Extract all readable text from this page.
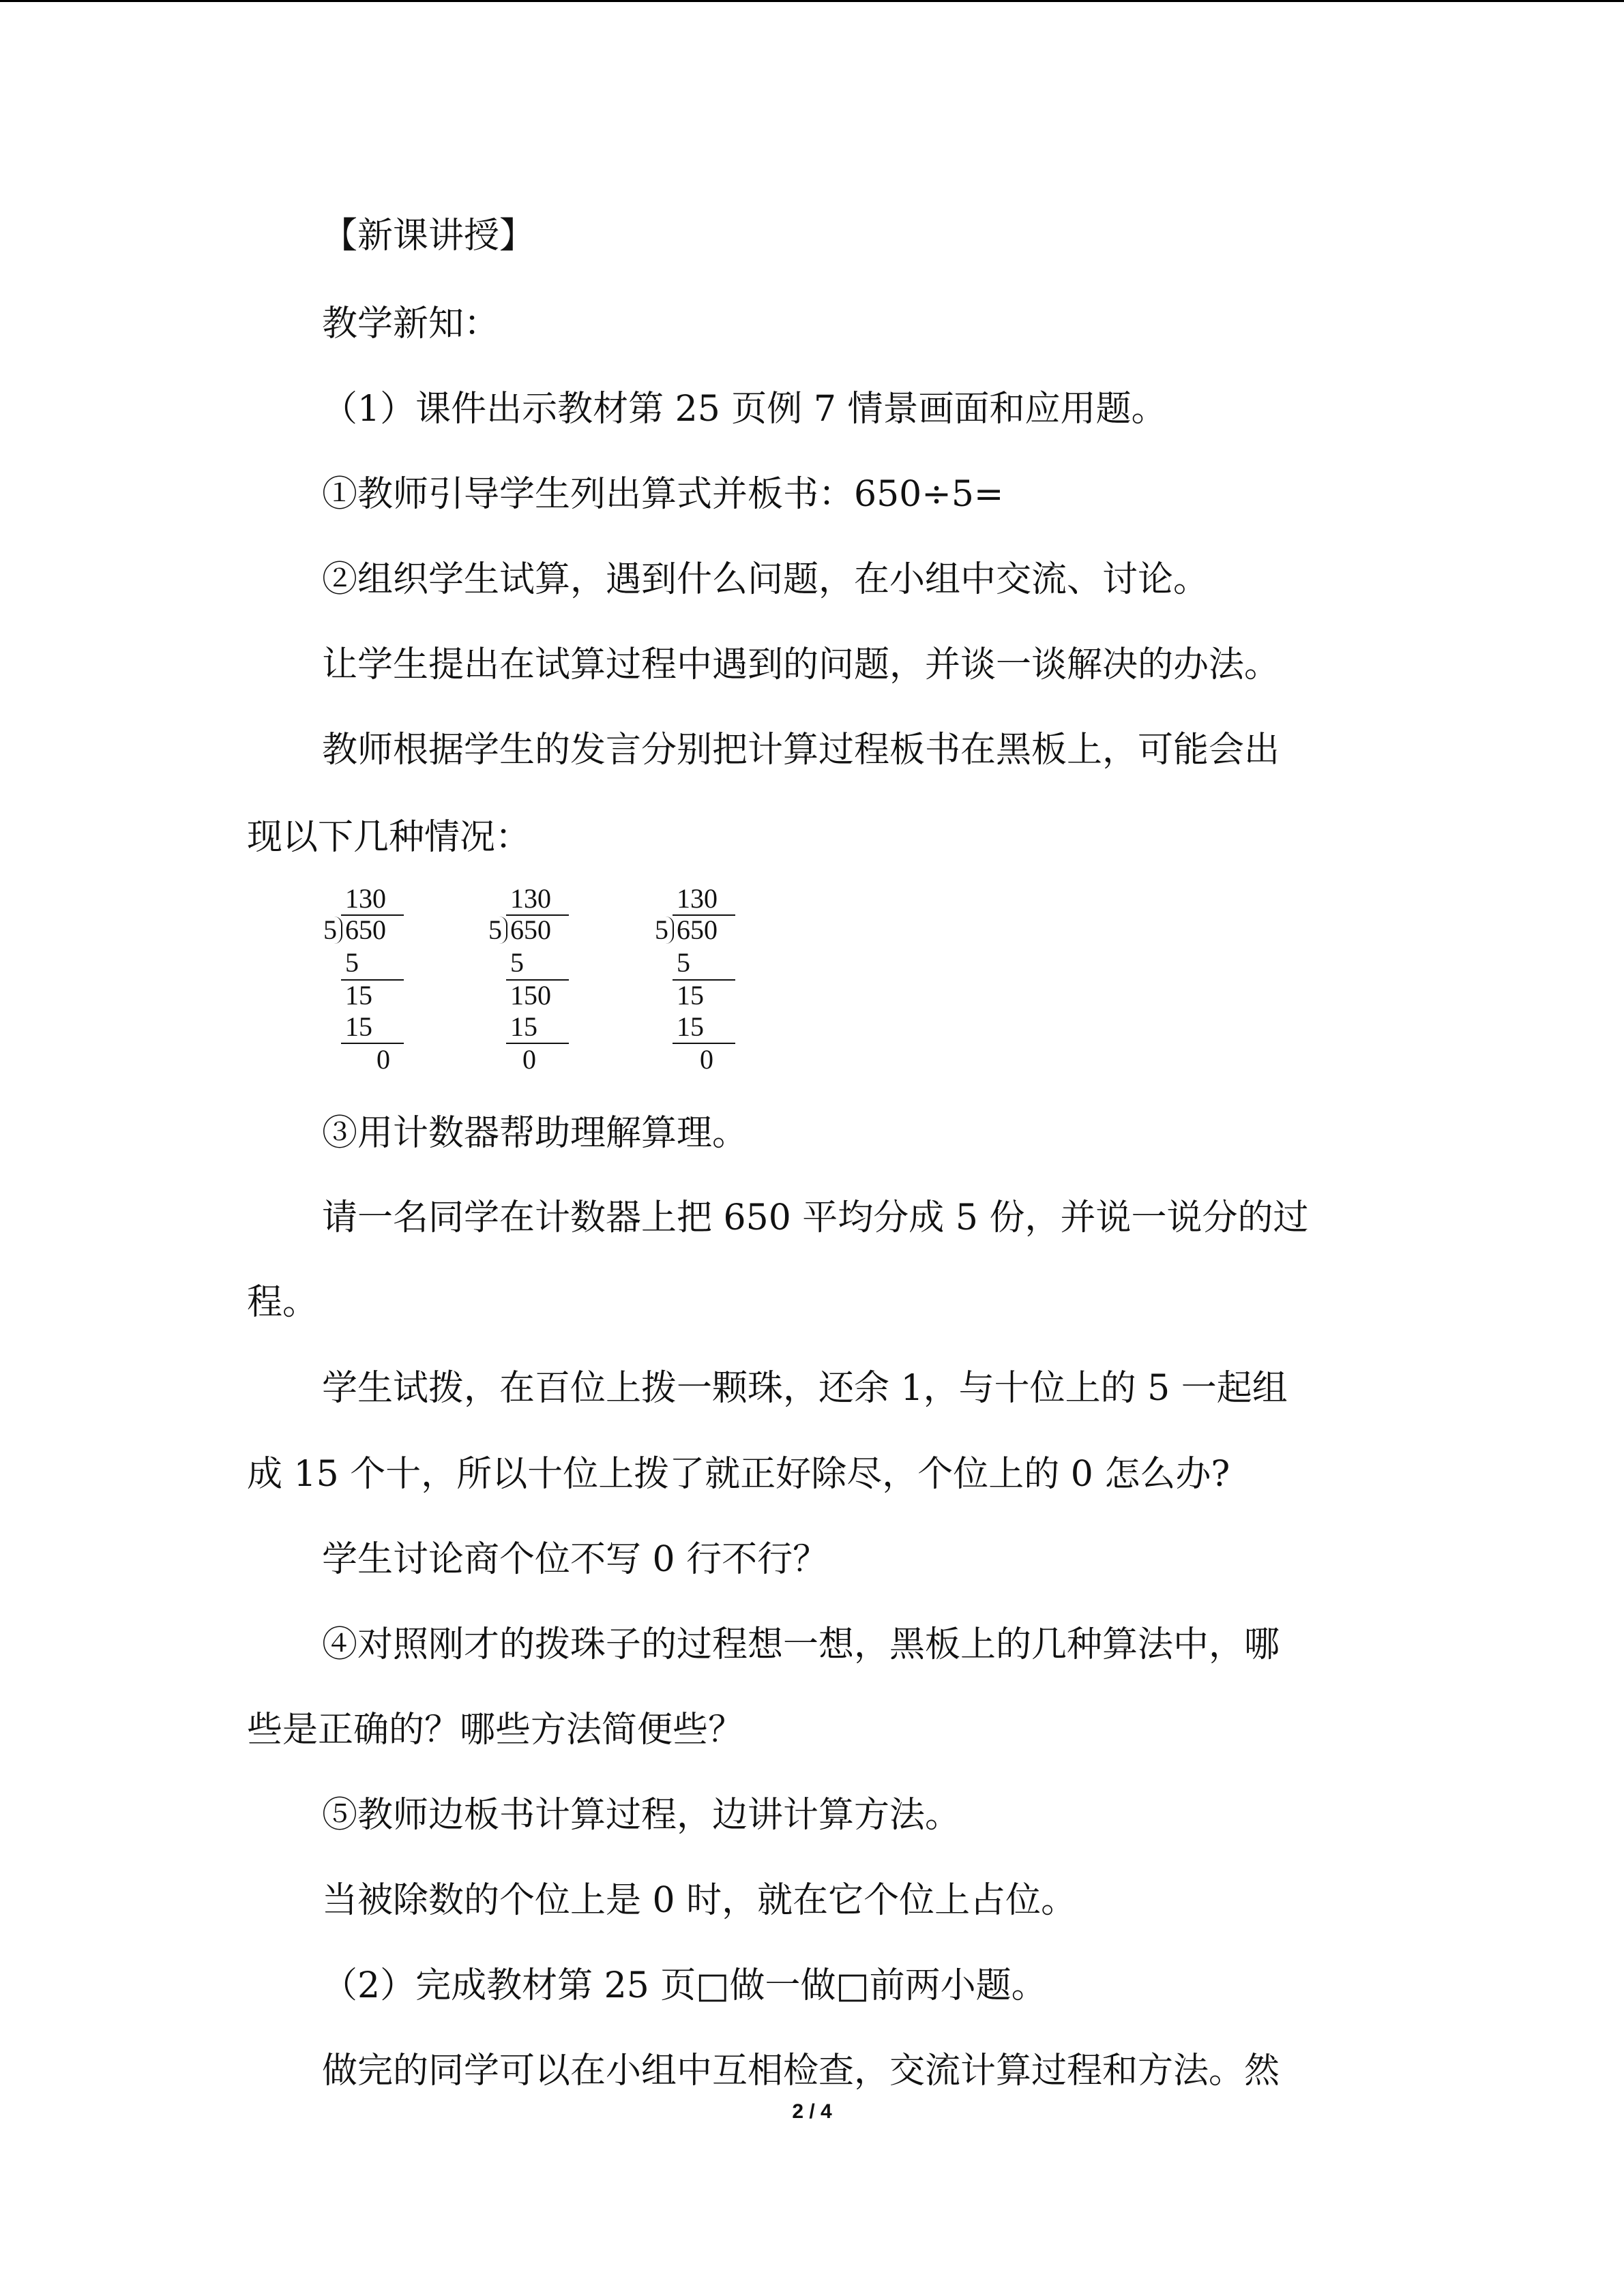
【新课讲授】

教学新知：

（1）课件出示教材第 25 页例 7 情景画面和应用题。

①教师引导学生列出算式并板书：650÷5=

②组织学生试算，遇到什么问题，在小组中交流、讨论。

让学生提出在试算过程中遇到的问题，并谈一谈解决的办法。

教师根据学生的发言分别把计算过程板书在黑板上，可能会出

现以下几种情况：

130
5 650
5
15
15
0
130
5 650
5
150
15
0
130
5 650
5
15
15
0

③用计数器帮助理解算理。

请一名同学在计数器上把 650 平均分成 5 份，并说一说分的过

程。

学生试拨，在百位上拨一颗珠，还余 1，与十位上的 5 一起组

成 15 个十，所以十位上拨了就正好除尽，个位上的 0 怎么办?

学生讨论商个位不写 0 行不行？

④对照刚才的拨珠子的过程想一想，黑板上的几种算法中，哪

些是正确的？哪些方法简便些？

⑤教师边板书计算过程，边讲计算方法。

当被除数的个位上是 0 时，就在它个位上占位。

（2）完成教材第 25 页□做一做□前两小题。

做完的同学可以在小组中互相检查，交流计算过程和方法。然

2 / 4
